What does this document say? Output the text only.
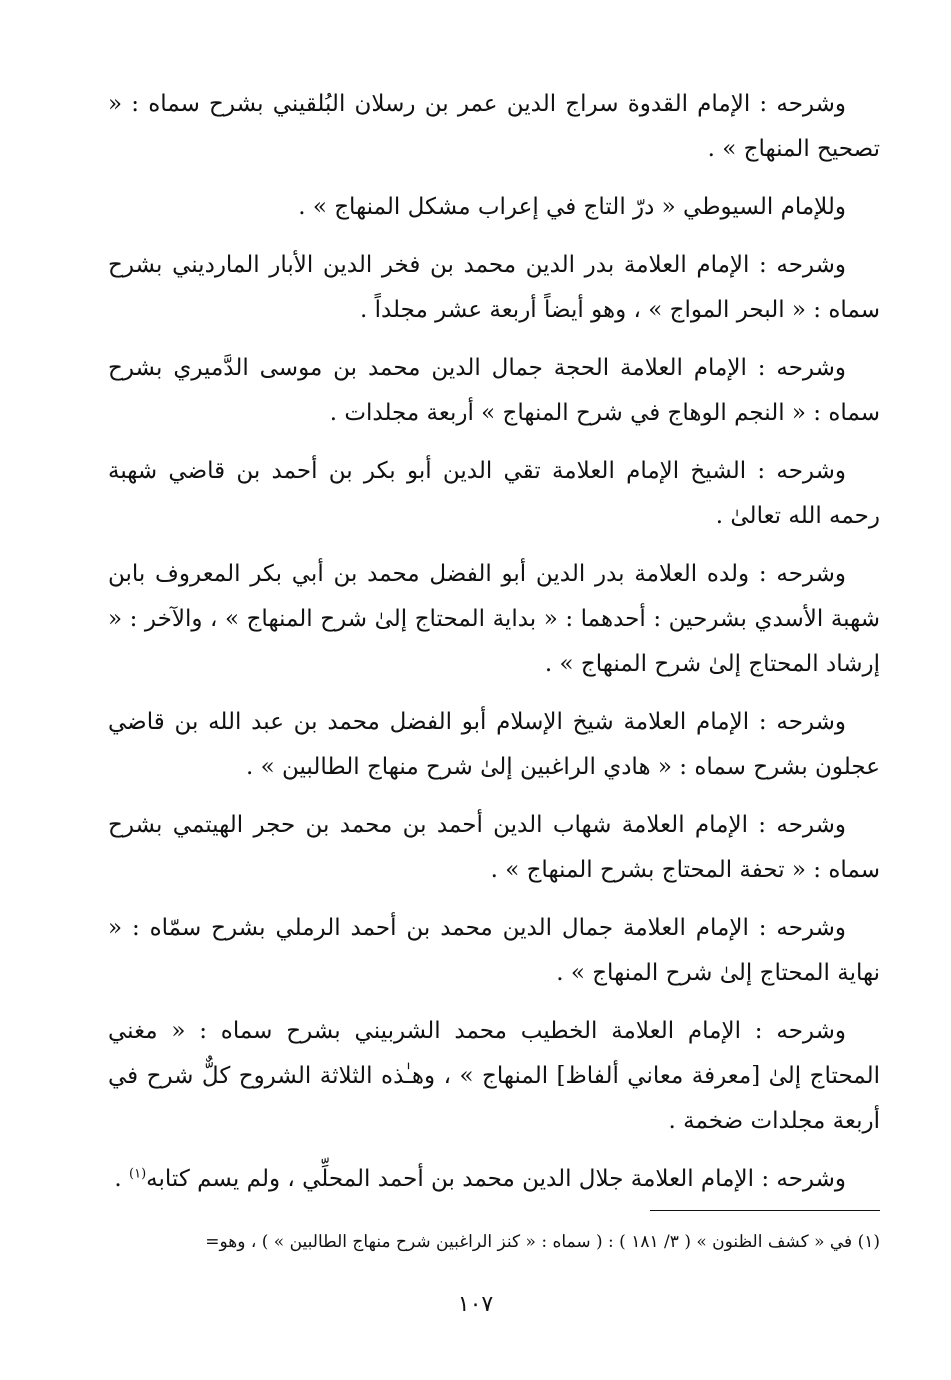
وشرحه : الإمام القدوة سراج الدين عمر بن رسلان البُلقيني بشرح سماه : « تصحيح المنهاج » .

وللإمام السيوطي « درّ التاج في إعراب مشكل المنهاج » .

وشرحه : الإمام العلامة بدر الدين محمد بن فخر الدين الأبار المارديني بشرح سماه : « البحر المواج » ، وهو أيضاً أربعة عشر مجلداً .

وشرحه : الإمام العلامة الحجة جمال الدين محمد بن موسى الدَّميري بشرح سماه : « النجم الوهاج في شرح المنهاج » أربعة مجلدات .

وشرحه : الشيخ الإمام العلامة تقي الدين أبو بكر بن أحمد بن قاضي شهبة رحمه الله تعالىٰ .

وشرحه : ولده العلامة بدر الدين أبو الفضل محمد بن أبي بكر المعروف بابن شهبة الأسدي بشرحين : أحدهما : « بداية المحتاج إلىٰ شرح المنهاج » ، والآخر : « إرشاد المحتاج إلىٰ شرح المنهاج » .

وشرحه : الإمام العلامة شيخ الإسلام أبو الفضل محمد بن عبد الله بن قاضي عجلون بشرح سماه : « هادي الراغبين إلىٰ شرح منهاج الطالبين » .

وشرحه : الإمام العلامة شهاب الدين أحمد بن محمد بن حجر الهيتمي بشرح سماه : « تحفة المحتاج بشرح المنهاج » .

وشرحه : الإمام العلامة جمال الدين محمد بن أحمد الرملي بشرح سمّاه : « نهاية المحتاج إلىٰ شرح المنهاج » .

وشرحه : الإمام العلامة الخطيب محمد الشربيني بشرح سماه : « مغني المحتاج إلىٰ [معرفة معاني ألفاظ] المنهاج » ، وهـٰذه الثلاثة الشروح كلٌّ شرح في أربعة مجلدات ضخمة .

وشرحه : الإمام العلامة جلال الدين محمد بن أحمد المحلِّي ، ولم يسم كتابه$^{(١)}$ .

(١) في « كشف الظنون » ( ٣/ ١٨١ ) : ( سماه : « كنز الراغبين شرح منهاج الطالبين » ) ، وهو=
١٠٧
